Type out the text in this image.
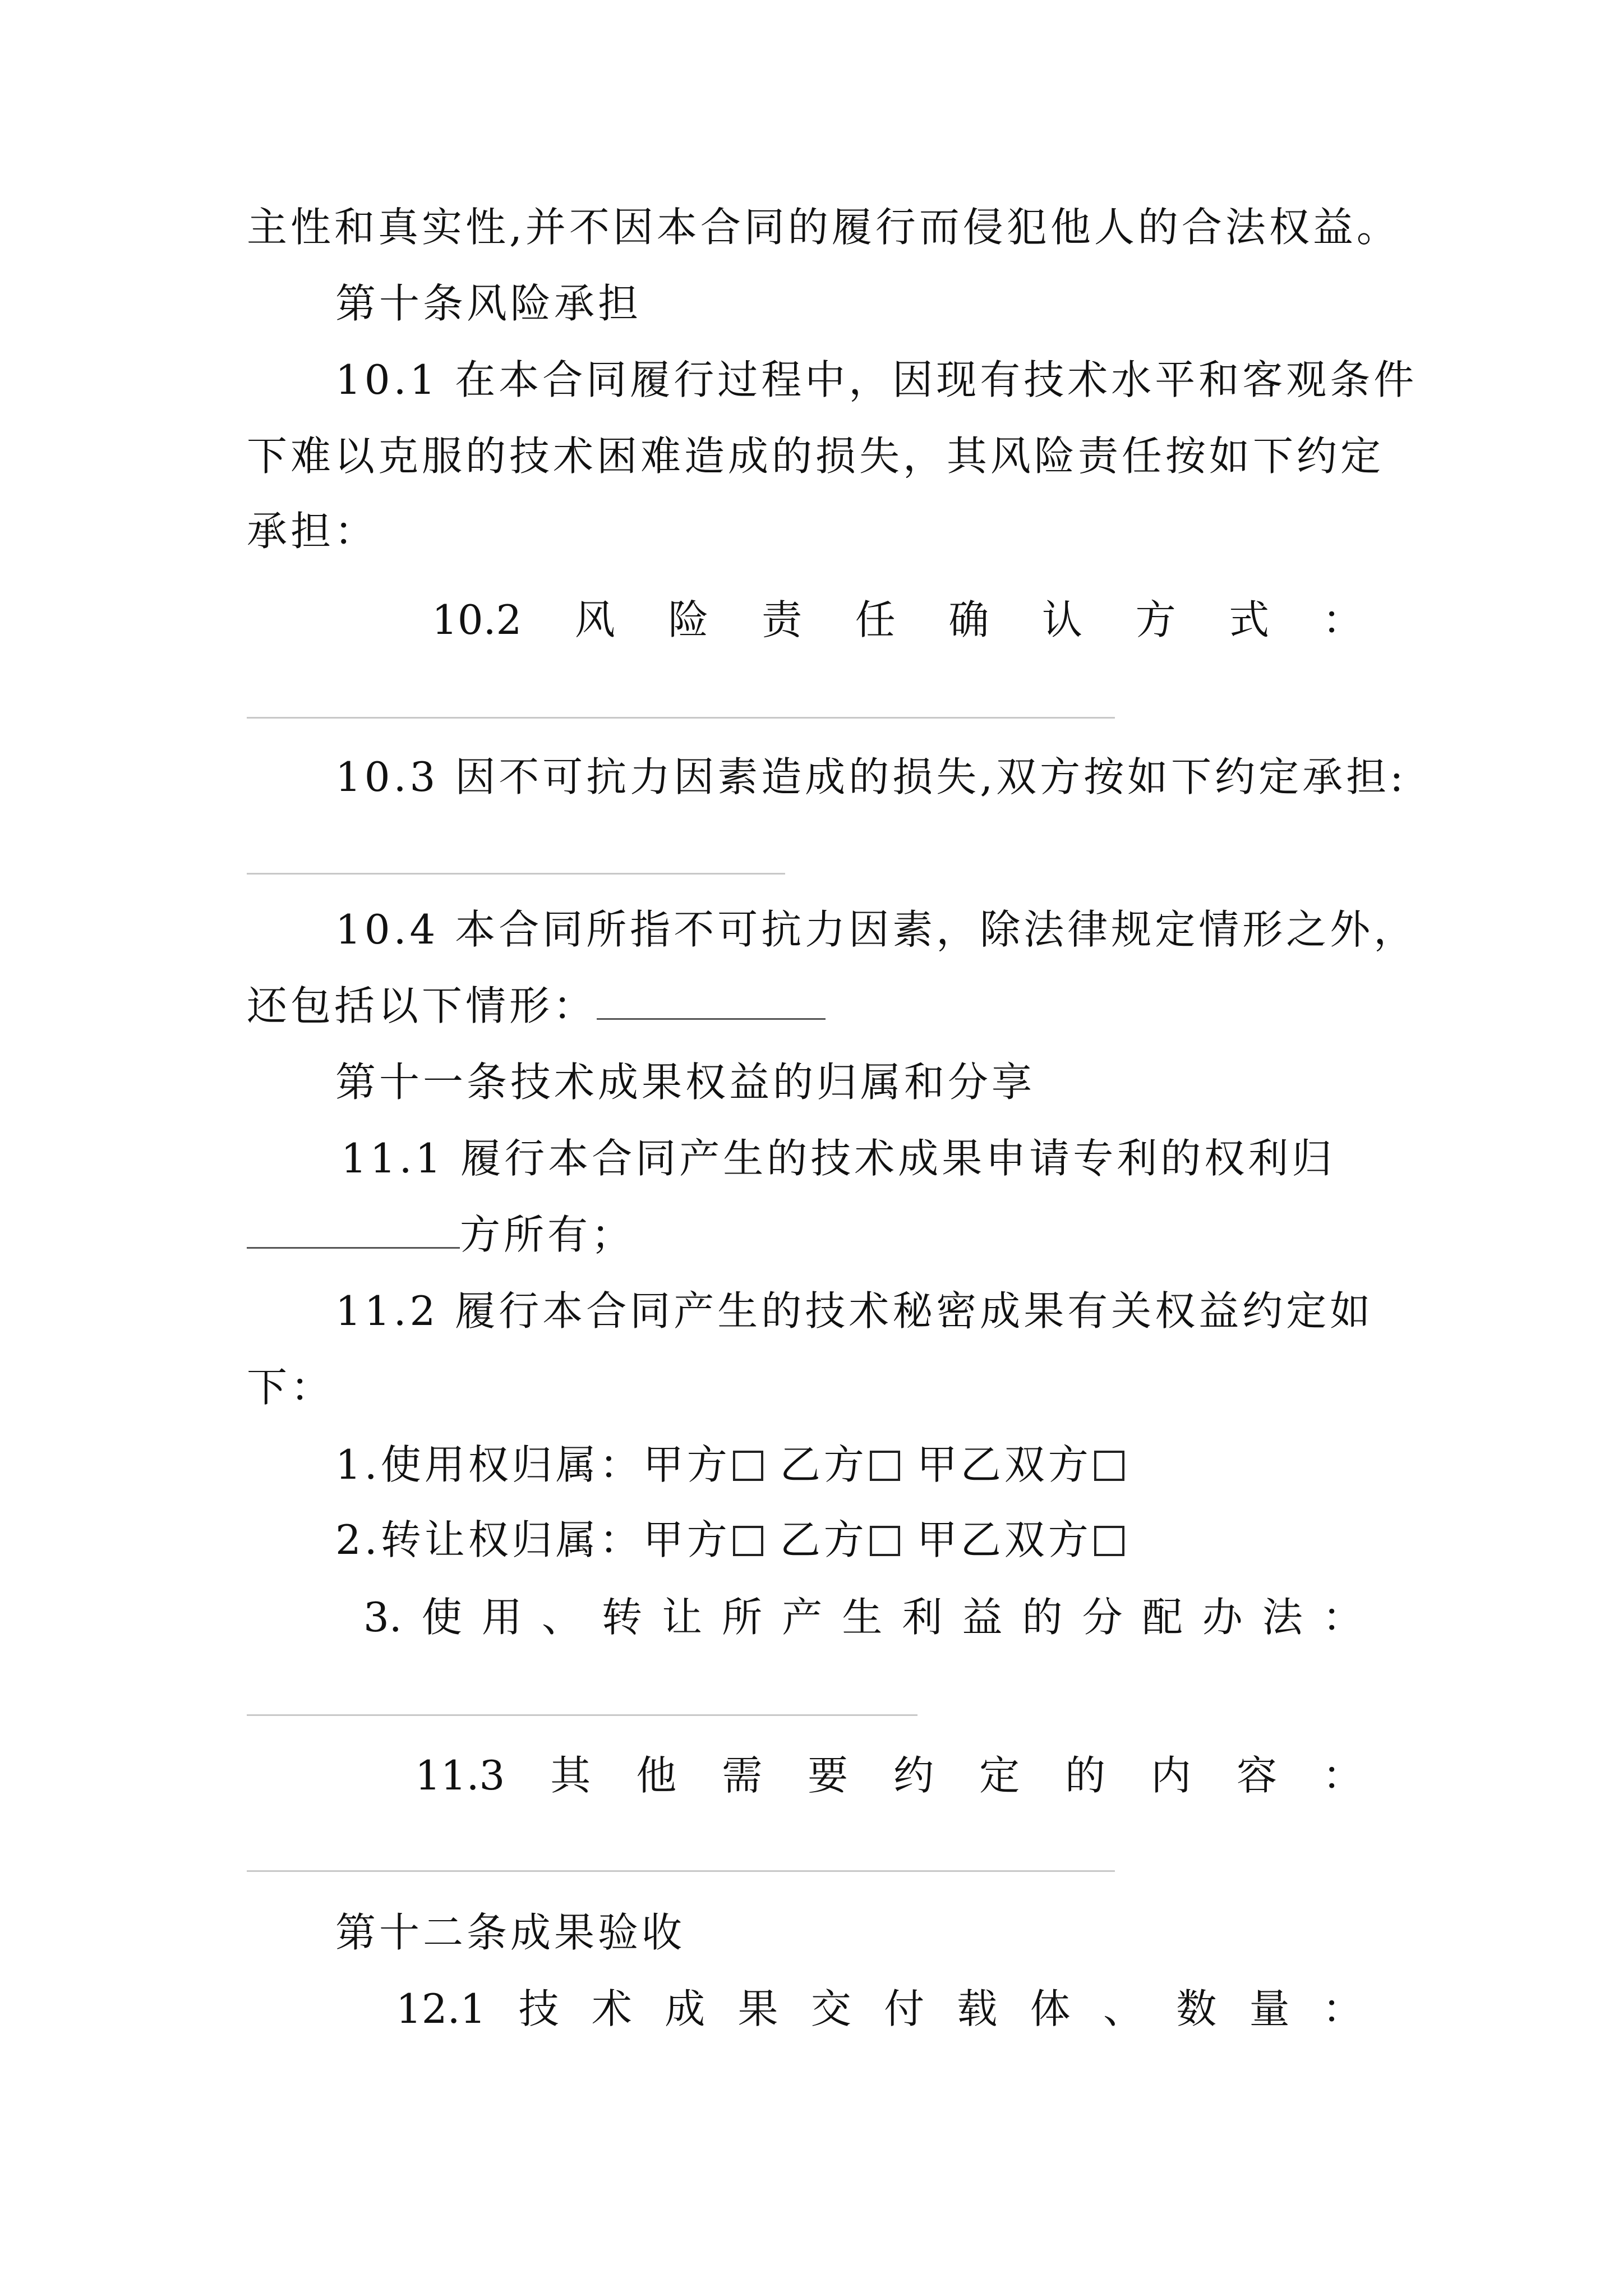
主性和真实性,并不因本合同的履行而侵犯他人的合法权益。
第十条风险承担
10.1 在本合同履行过程中，因现有技术水平和客观条件
下难以克服的技术困难造成的损失，其风险责任按如下约定
承担：
10.2 风 险 责 任 确 认 方 式 ：
10.3 因不可抗力因素造成的损失,双方按如下约定承担:
10.4 本合同所指不可抗力因素，除法律规定情形之外，
还包括以下情形：
第十一条技术成果权益的归属和分享
11.1 履行本合同产生的技术成果申请专利的权利归
方所有；
11.2 履行本合同产生的技术秘密成果有关权益约定如
下：
1.使用权归属：甲方 乙方 甲乙双方
2.转让权归属：甲方 乙方 甲乙双方
3. 使 用 、 转 让 所 产 生 利 益 的 分 配 办 法 ：
11.3 其 他 需 要 约 定 的 内 容 ：
第十二条成果验收
12.1 技 术 成 果 交 付 载 体 、 数 量 ：
